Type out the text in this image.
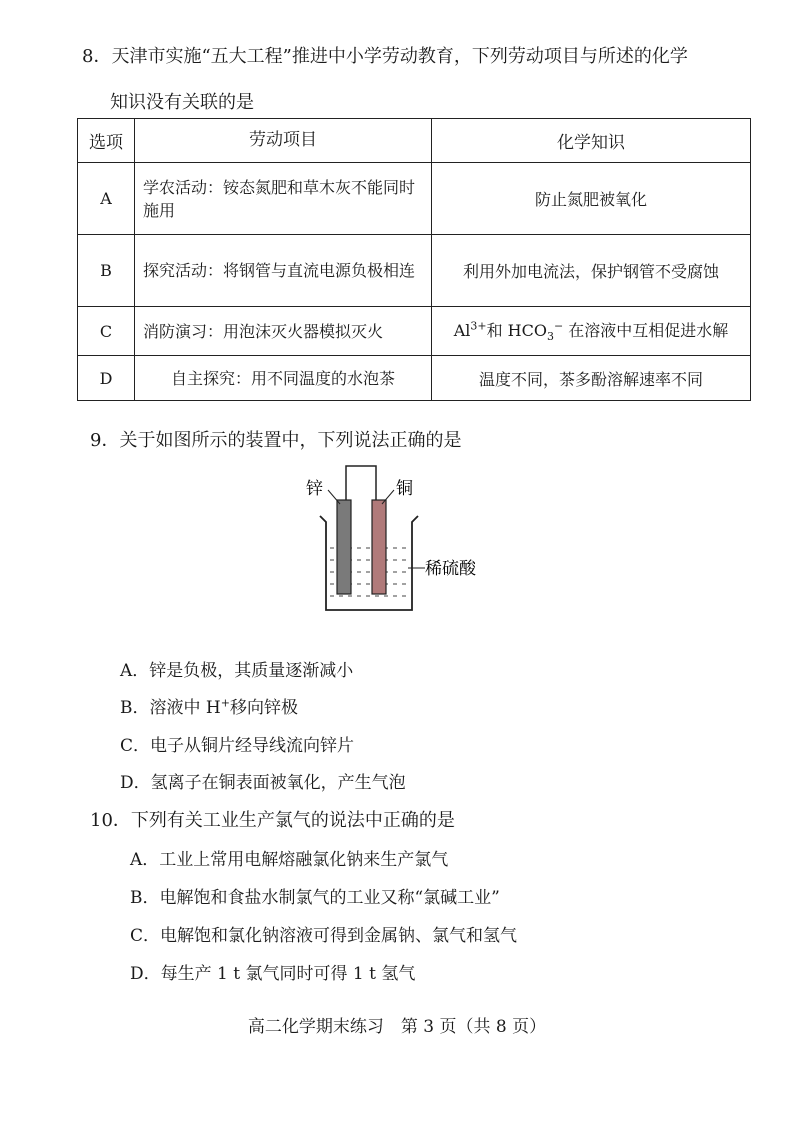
8．天津市实施“五大工程”推进中小学劳动教育，下列劳动项目与所述的化学
知识没有关联的是
选项	劳动项目	化学知识
A	学农活动：铵态氮肥和草木灰不能同时施用	防止氮肥被氧化
B	探究活动：将钢管与直流电源负极相连	利用外加电流法，保护钢管不受腐蚀
C	消防演习：用泡沫灭火器模拟灭火	$Al^{3+}$和 $HCO_3^-$ 在溶液中互相促进水解
D	自主探究：用不同温度的水泡茶	温度不同，茶多酚溶解速率不同
9．关于如图所示的装置中，下列说法正确的是
锌	铜
稀硫酸
A．锌是负极，其质量逐渐减小
B．溶液中 H+移向锌极
C．电子从铜片经导线流向锌片
D．氢离子在铜表面被氧化，产生气泡
10．下列有关工业生产氯气的说法中正确的是
A．工业上常用电解熔融氯化钠来生产氯气
B．电解饱和食盐水制氯气的工业又称“氯碱工业”
C．电解饱和氯化钠溶液可得到金属钠、氯气和氢气
D．每生产 1 t 氯气同时可得 1 t 氢气
高二化学期末练习　第 3 页（共 8 页）
